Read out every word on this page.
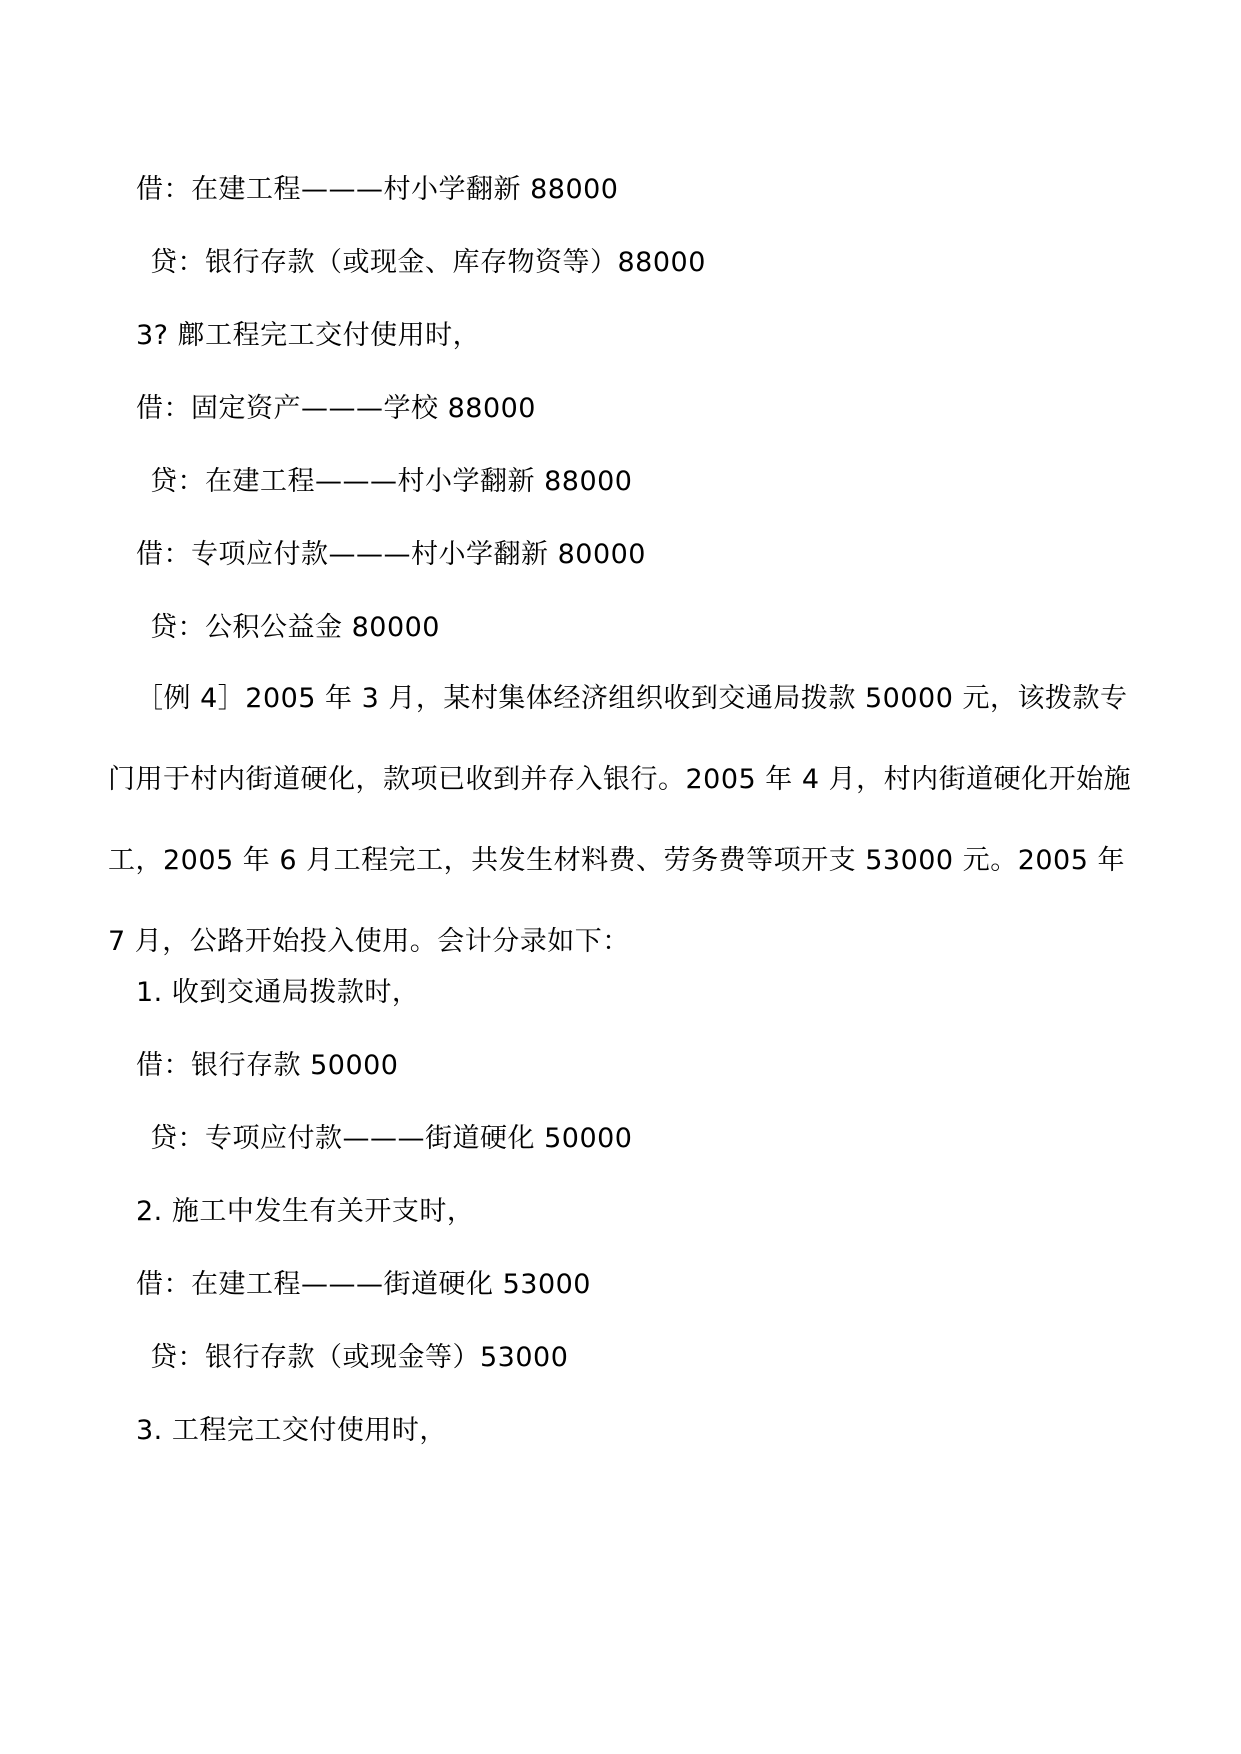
借：在建工程———村小学翻新 88000
贷：银行存款（或现金、库存物资等）88000
3? 鄜工程完工交付使用时，
借：固定资产———学校 88000
贷：在建工程———村小学翻新 88000
借：专项应付款———村小学翻新 80000
贷：公积公益金 80000
［例 4］2005 年 3 月，某村集体经济组织收到交通局拨款 50000 元，该拨款专门用于村内街道硬化，款项已收到并存入银行。2005 年 4 月，村内街道硬化开始施工，2005 年 6 月工程完工，共发生材料费、劳务费等项开支 53000 元。2005 年 7 月，公路开始投入使用。会计分录如下：
1. 收到交通局拨款时，
借：银行存款 50000
贷：专项应付款———街道硬化 50000
2. 施工中发生有关开支时，
借：在建工程———街道硬化 53000
贷：银行存款（或现金等）53000
3. 工程完工交付使用时，
